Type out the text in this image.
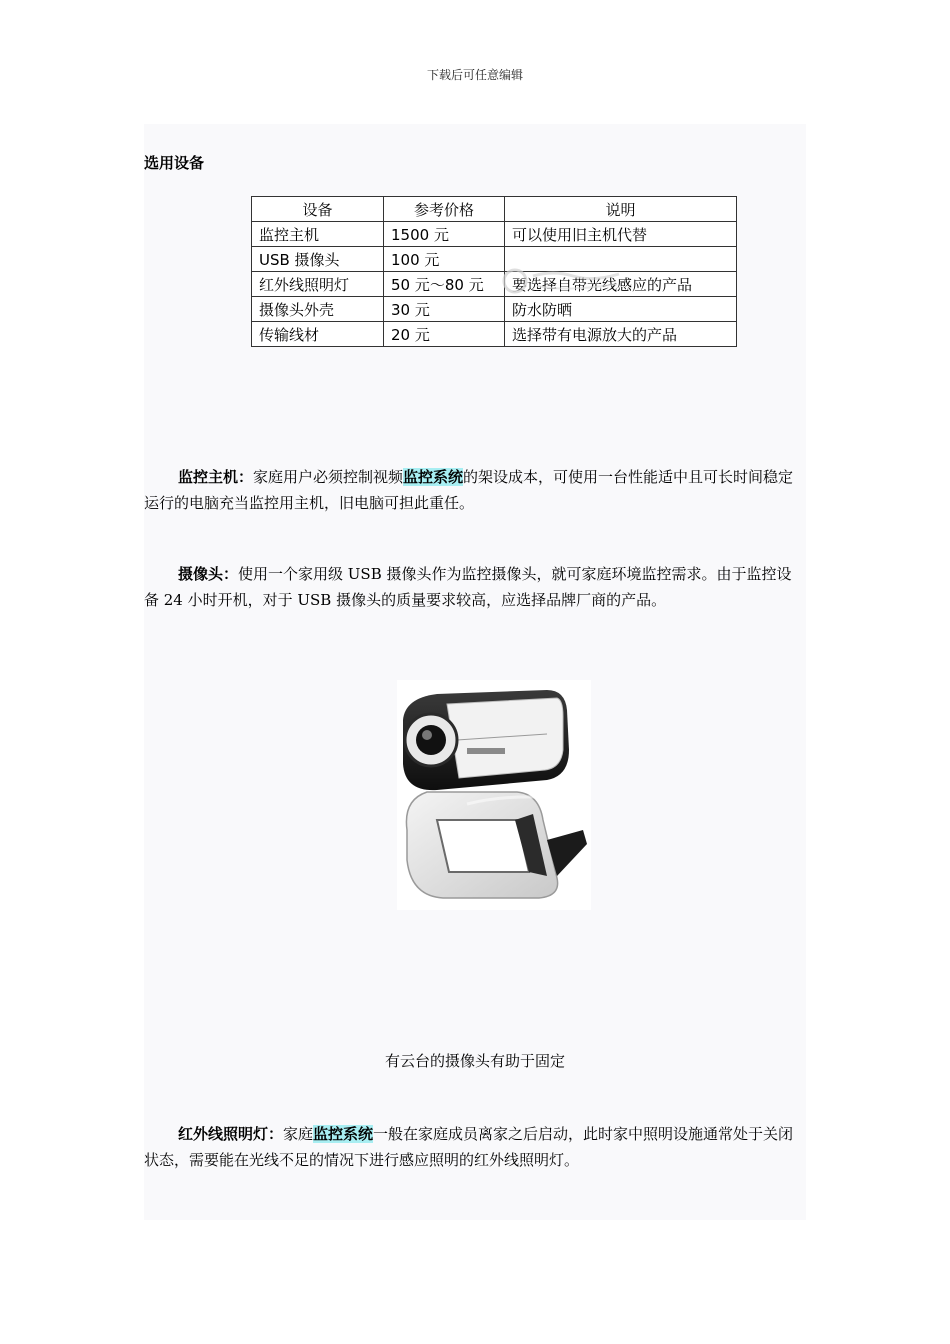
下载后可任意编辑
选用设备
设备	参考价格	说明
监控主机	1500 元	可以使用旧主机代替
USB 摄像头	100 元	
红外线照明灯	50 元～80 元	要选择自带光线感应的产品
摄像头外壳	30 元	防水防晒
传输线材	20 元	选择带有电源放大的产品

监控主机：家庭用户必须控制视频监控系统的架设成本，可使用一台性能适中且可长时间稳定运行的电脑充当监控用主机，旧电脑可担此重任。

摄像头：使用一个家用级 USB 摄像头作为监控摄像头，就可家庭环境监控需求。由于监控设备 24 小时开机，对于 USB 摄像头的质量要求较高，应选择品牌厂商的产品。

有云台的摄像头有助于固定

红外线照明灯：家庭监控系统一般在家庭成员离家之后启动，此时家中照明设施通常处于关闭状态，需要能在光线不足的情况下进行感应照明的红外线照明灯。
